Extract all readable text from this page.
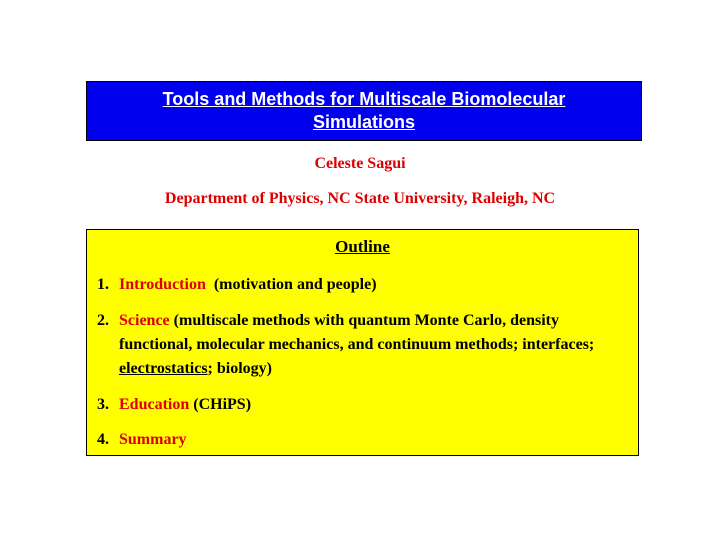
Tools and Methods for Multiscale Biomolecular
Simulations
Celeste Sagui
Department of Physics, NC State University, Raleigh, NC
Outline
1. Introduction (motivation and people)
2. Science (multiscale methods with quantum Monte Carlo, density functional, molecular mechanics, and continuum methods; interfaces; electrostatics; biology)
3. Education (CHiPS)
4. Summary
